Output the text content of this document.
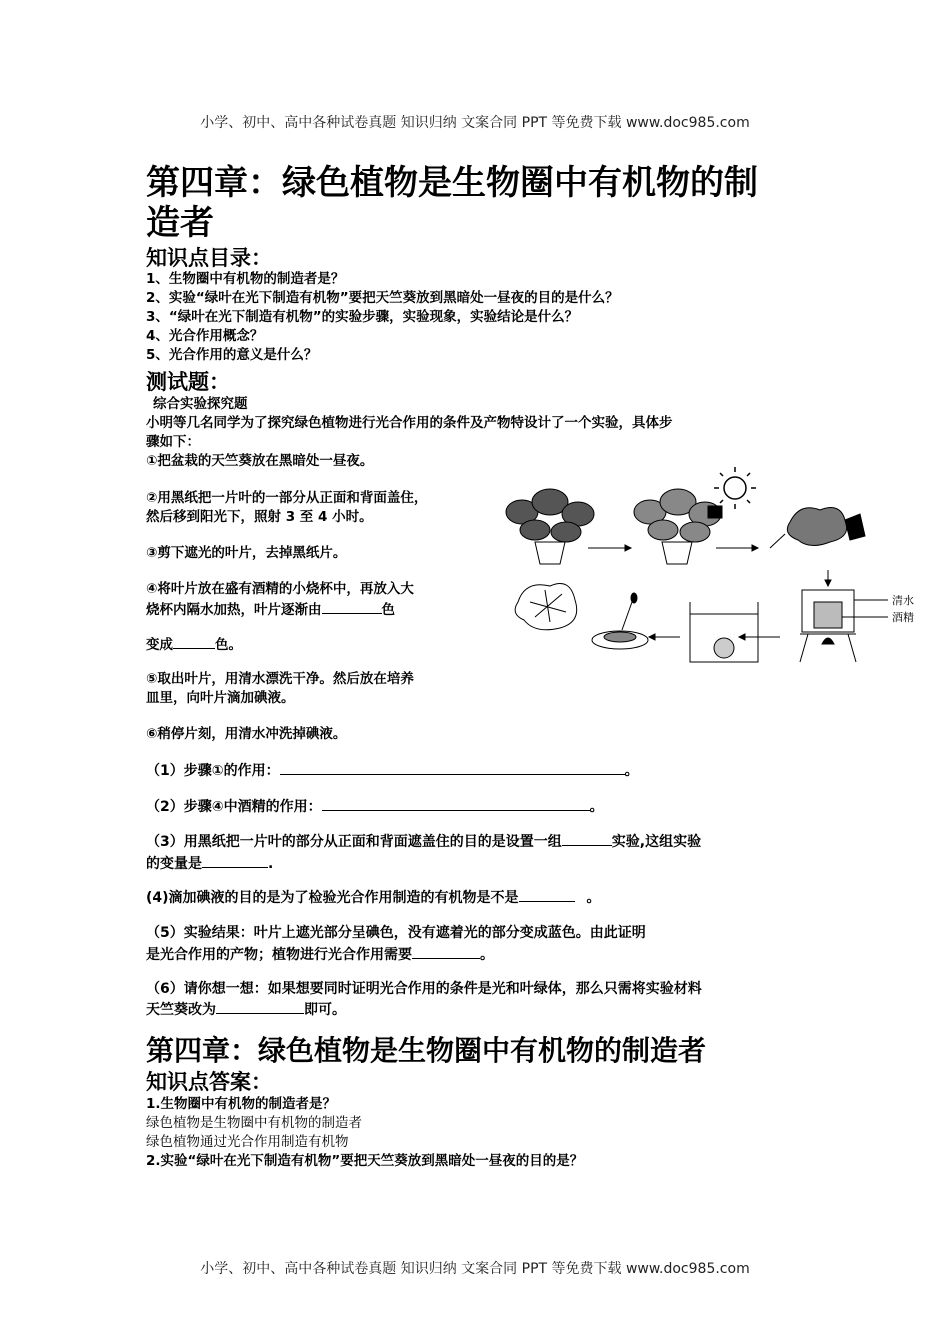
小学、初中、高中各种试卷真题 知识归纳 文案合同 PPT 等免费下载 www.doc985.com
第四章：绿色植物是生物圈中有机物的制
造者
知识点目录：
1、生物圈中有机物的制造者是？
2、实验“绿叶在光下制造有机物”要把天竺葵放到黑暗处一昼夜的目的是什么？
3、“绿叶在光下制造有机物”的实验步骤，实验现象，实验结论是什么？
4、光合作用概念？
5、光合作用的意义是什么？
测试题：
综合实验探究题
小明等几名同学为了探究绿色植物进行光合作用的条件及产物特设计了一个实验，具体步
骤如下：
①把盆栽的天竺葵放在黑暗处一昼夜。
②用黑纸把一片叶的一部分从正面和背面盖住，
然后移到阳光下，照射 3 至 4 小时。
③剪下遮光的叶片，去掉黑纸片。
④将叶片放在盛有酒精的小烧杯中，再放入大
烧杯内隔水加热，叶片逐渐由	色
变成	色。
⑤取出叶片，用清水漂洗干净。然后放在培养
皿里，向叶片滴加碘液。
⑥稍停片刻，用清水冲洗掉碘液。
清水
酒精
（1）步骤①的作用：	。
（2）步骤④中酒精的作用：	。
（3）用黑纸把一片叶的部分从正面和背面遮盖住的目的是设置一组	实验,这组实验
的变量是	.
(4)滴加碘液的目的是为了检验光合作用制造的有机物是不是	。
（5）实验结果：叶片上遮光部分呈碘色，没有遮着光的部分变成蓝色。由此证明
是光合作用的产物；植物进行光合作用需要	。
（6）请你想一想：如果想要同时证明光合作用的条件是光和叶绿体，那么只需将实验材料
天竺葵改为	即可。
第四章：绿色植物是生物圈中有机物的制造者
知识点答案：
1.生物圈中有机物的制造者是？
绿色植物是生物圈中有机物的制造者
绿色植物通过光合作用制造有机物
2.实验“绿叶在光下制造有机物”要把天竺葵放到黑暗处一昼夜的目的是？
小学、初中、高中各种试卷真题 知识归纳 文案合同 PPT 等免费下载 www.doc985.com
